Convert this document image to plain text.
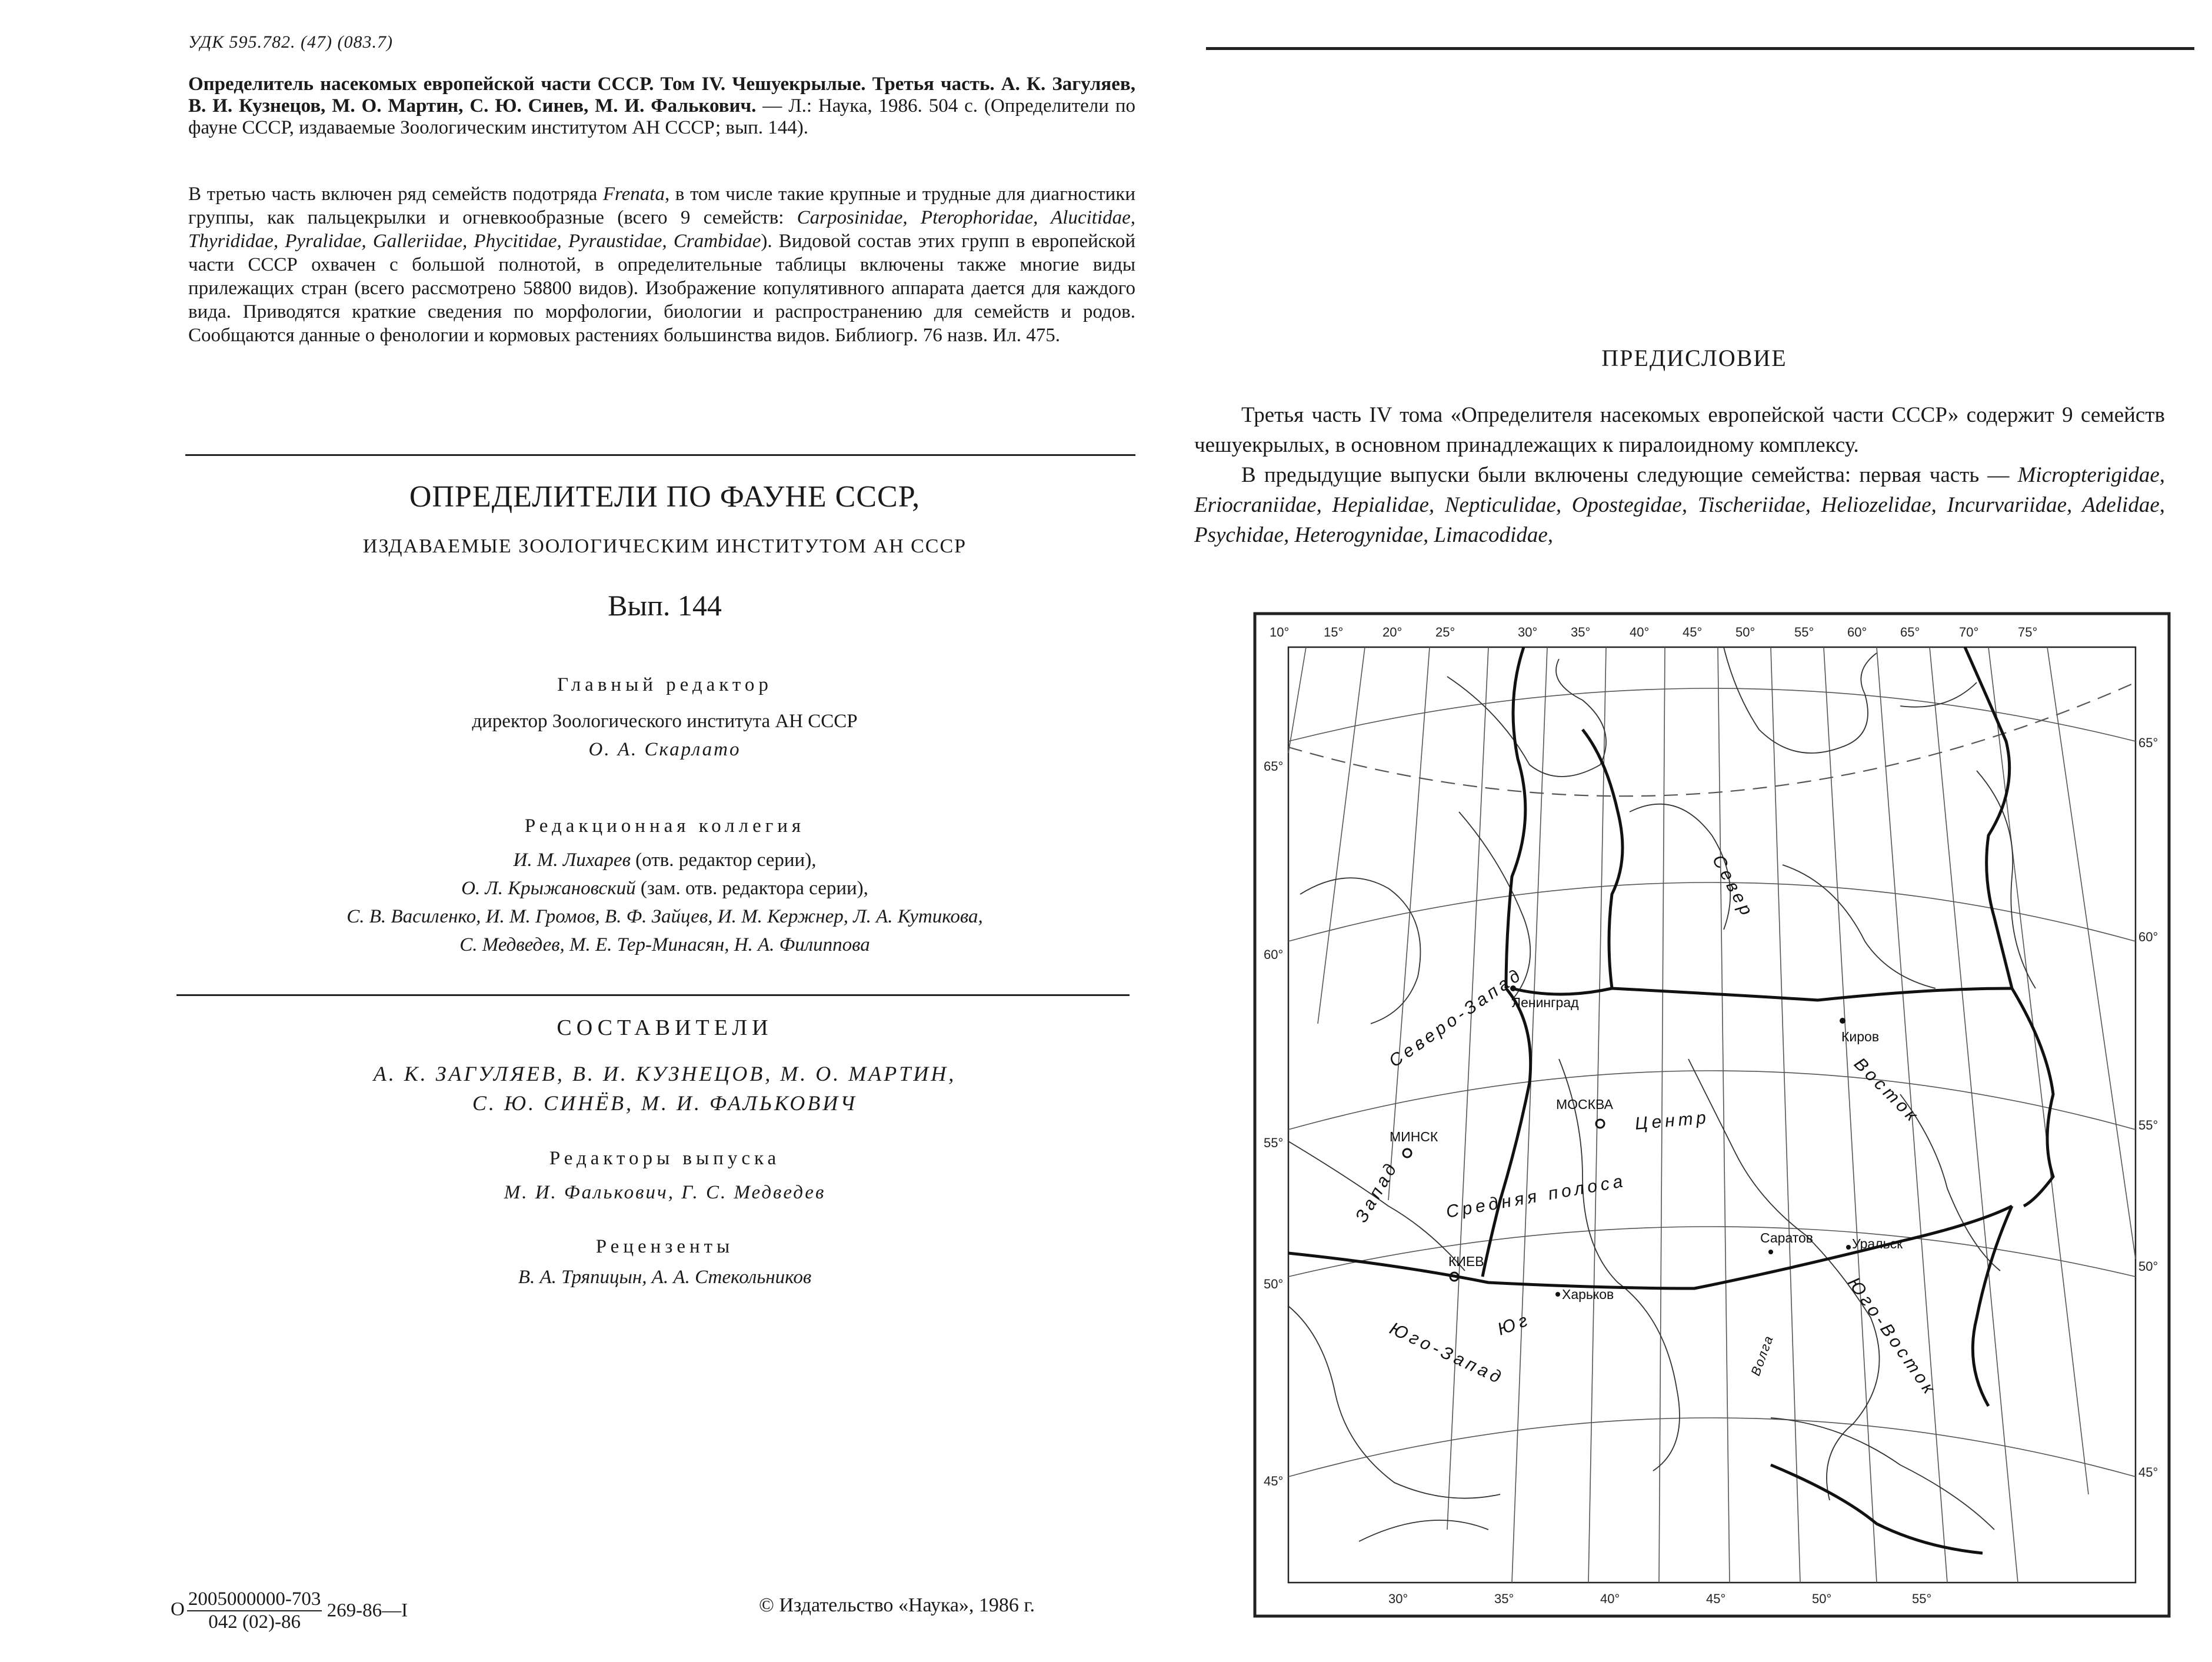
УДК 595.782. (47) (083.7)
Определитель насекомых европейской части СССР. Том IV. Чешуекрылые. Третья часть. А. К. Загуляев, В. И. Кузнецов, М. О. Мартин, С. Ю. Синев, М. И. Фалькович. — Л.: Наука, 1986. 504 с. (Определители по фауне СССР, издаваемые Зоологическим институтом АН СССР; вып. 144).
В третью часть включен ряд семейств подотряда Frenata, в том числе такие крупные и трудные для диагностики группы, как пальцекрылки и огневкообразные (всего 9 семейств: Carposinidae, Pterophoridae, Alucitidae, Thyrididae, Pyralidae, Galleriidae, Phycitidae, Pyraustidae, Crambidae). Видовой состав этих групп в европейской части СССР охвачен с большой полнотой, в определительные таблицы включены также многие виды прилежащих стран (всего рассмотрено 58800 видов). Изображение копулятивного аппарата дается для каждого вида. Приводятся краткие сведения по морфологии, биологии и распространению для семейств и родов. Сообщаются данные о фенологии и кормовых растениях большинства видов. Библиогр. 76 назв. Ил. 475.
ОПРЕДЕЛИТЕЛИ ПО ФАУНЕ СССР,
ИЗДАВАЕМЫЕ ЗООЛОГИЧЕСКИМ ИНСТИТУТОМ АН СССР
Вып. 144
Главный редактор
директор Зоологического института АН СССР
О. А. Скарлато
Редакционная коллегия
И. М. Лихарев (отв. редактор серии),
О. Л. Крыжановский (зам. отв. редактора серии),
С. В. Василенко, И. М. Громов, В. Ф. Зайцев, И. М. Кержнер, Л. А. Кутикова,
С. Медведев, М. Е. Тер-Минасян, Н. А. Филиппова
СОСТАВИТЕЛИ
А. К. ЗАГУЛЯЕВ, В. И. КУЗНЕЦОВ, М. О. МАРТИН,
С. Ю. СИНЁВ, М. И. ФАЛЬКОВИЧ
Редакторы выпуска
М. И. Фалькович, Г. С. Медведев
Рецензенты
В. А. Тряпицын, А. А. Стекольников
О $\frac{2005000000-703}{042 (02)-86}$ 269-86—I	© Издательство «Наука», 1986 г.
ПРЕДИСЛОВИЕ

Третья часть IV тома «Определителя насекомых европейской части СССР» содержит 9 семейств чешуекрылых, в основном принадлежащих к пиралоидному комплексу.

В предыдущие выпуски были включены следующие семейства: первая часть — Micropterigidae, Eriocraniidae, Hepialidae, Nepticulidae, Opostegidae, Tischeriidae, Heliozelidae, Incurvariidae, Adelidae, Psychidae, Heterogynidae, Limacodidae,

10°	15°	20°	25°	30°	35°	40°	45°	50°	55°	60°	65°	70°	75°
30°	35°	40°	45°	50°	55°
65°
60°
55°
50°
45°
65°
60°
55°
50°
45°
Ленинград
Киров
МОСКВА
МИНСК
КИЕВ
Харьков
Саратов	Уральск
Север
Северо-Запад
Запад
Центр	Восток
Средняя полоса
Юго-Запад
Юг	Юго-Восток
Волга
